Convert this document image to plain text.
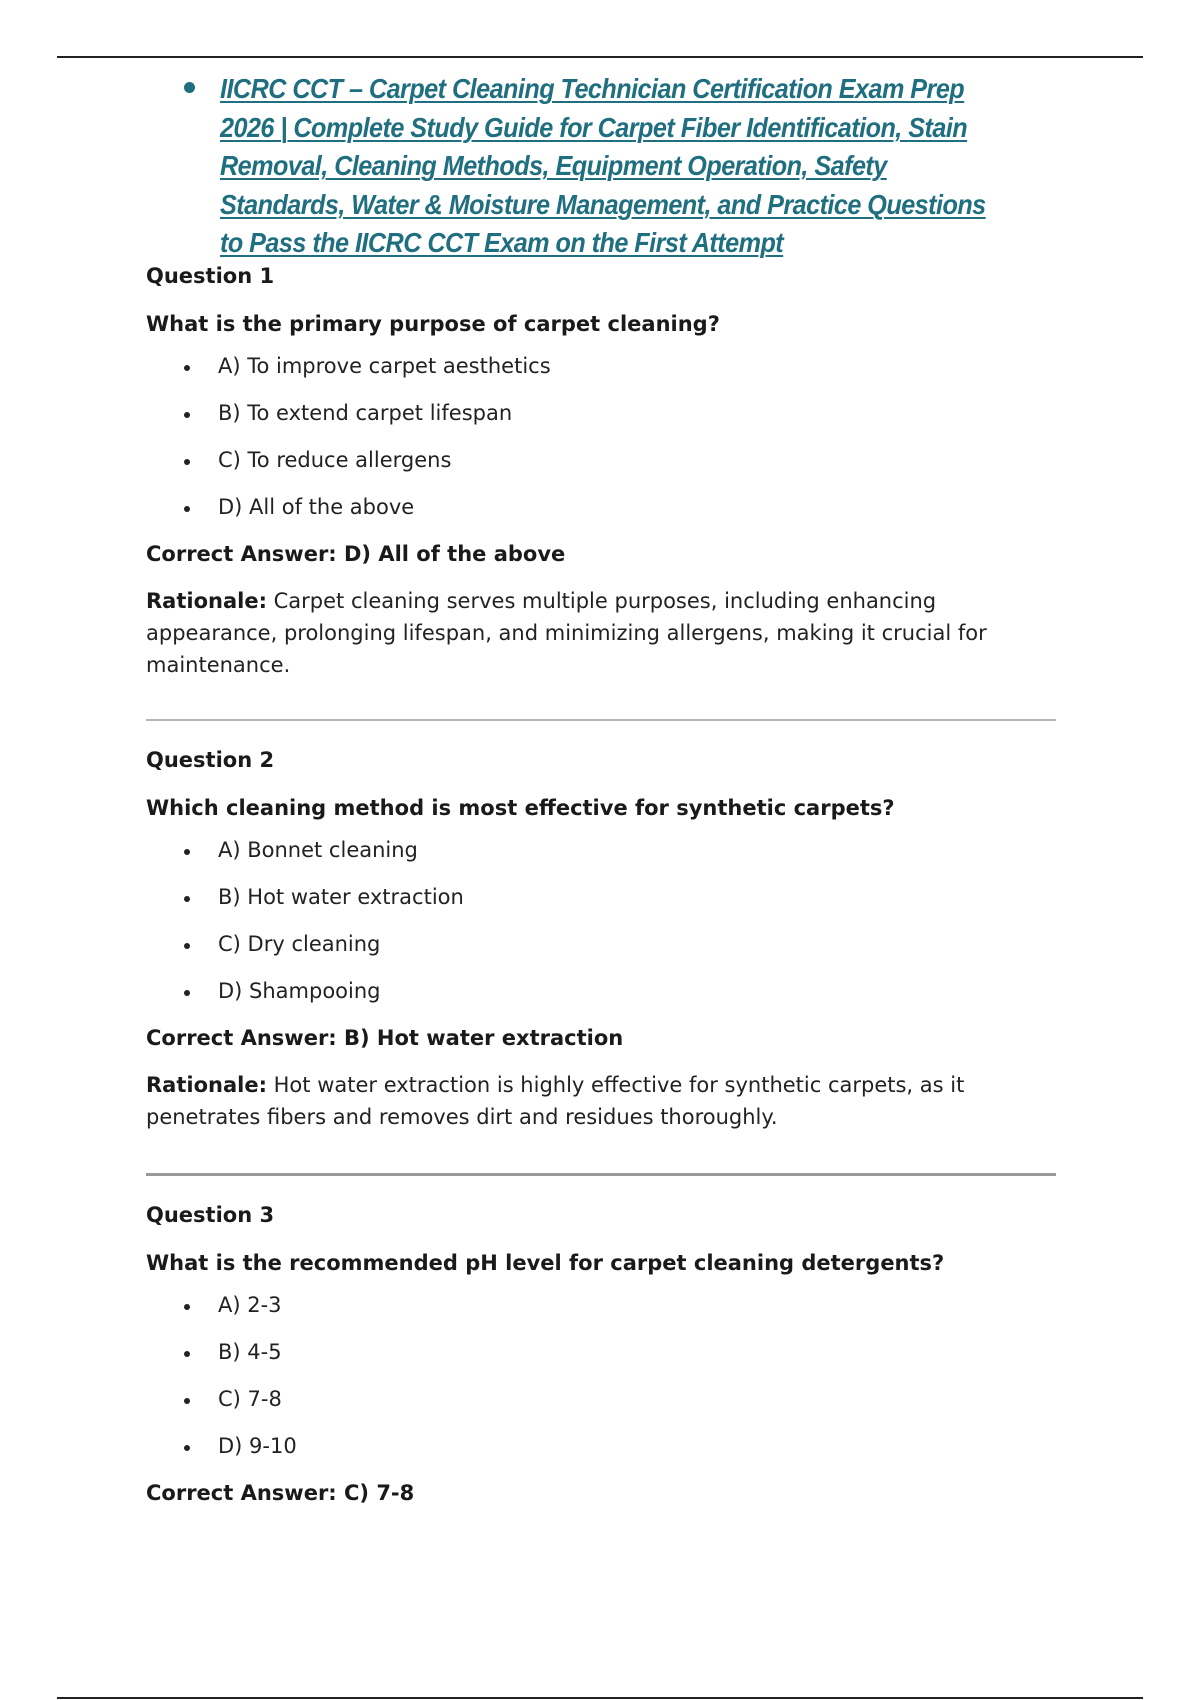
IICRC CCT – Carpet Cleaning Technician Certification Exam Prep 2026 | Complete Study Guide for Carpet Fiber Identification, Stain Removal, Cleaning Methods, Equipment Operation, Safety Standards, Water & Moisture Management, and Practice Questions to Pass the IICRC CCT Exam on the First Attempt

Question 1

What is the primary purpose of carpet cleaning?

A) To improve carpet aesthetics
B) To extend carpet lifespan
C) To reduce allergens
D) All of the above

Correct Answer: D) All of the above

Rationale: Carpet cleaning serves multiple purposes, including enhancing appearance, prolonging lifespan, and minimizing allergens, making it crucial for maintenance.

Question 2

Which cleaning method is most effective for synthetic carpets?

A) Bonnet cleaning
B) Hot water extraction
C) Dry cleaning
D) Shampooing

Correct Answer: B) Hot water extraction

Rationale: Hot water extraction is highly effective for synthetic carpets, as it penetrates fibers and removes dirt and residues thoroughly.

Question 3

What is the recommended pH level for carpet cleaning detergents?

A) 2-3
B) 4-5
C) 7-8
D) 9-10

Correct Answer: C) 7-8
